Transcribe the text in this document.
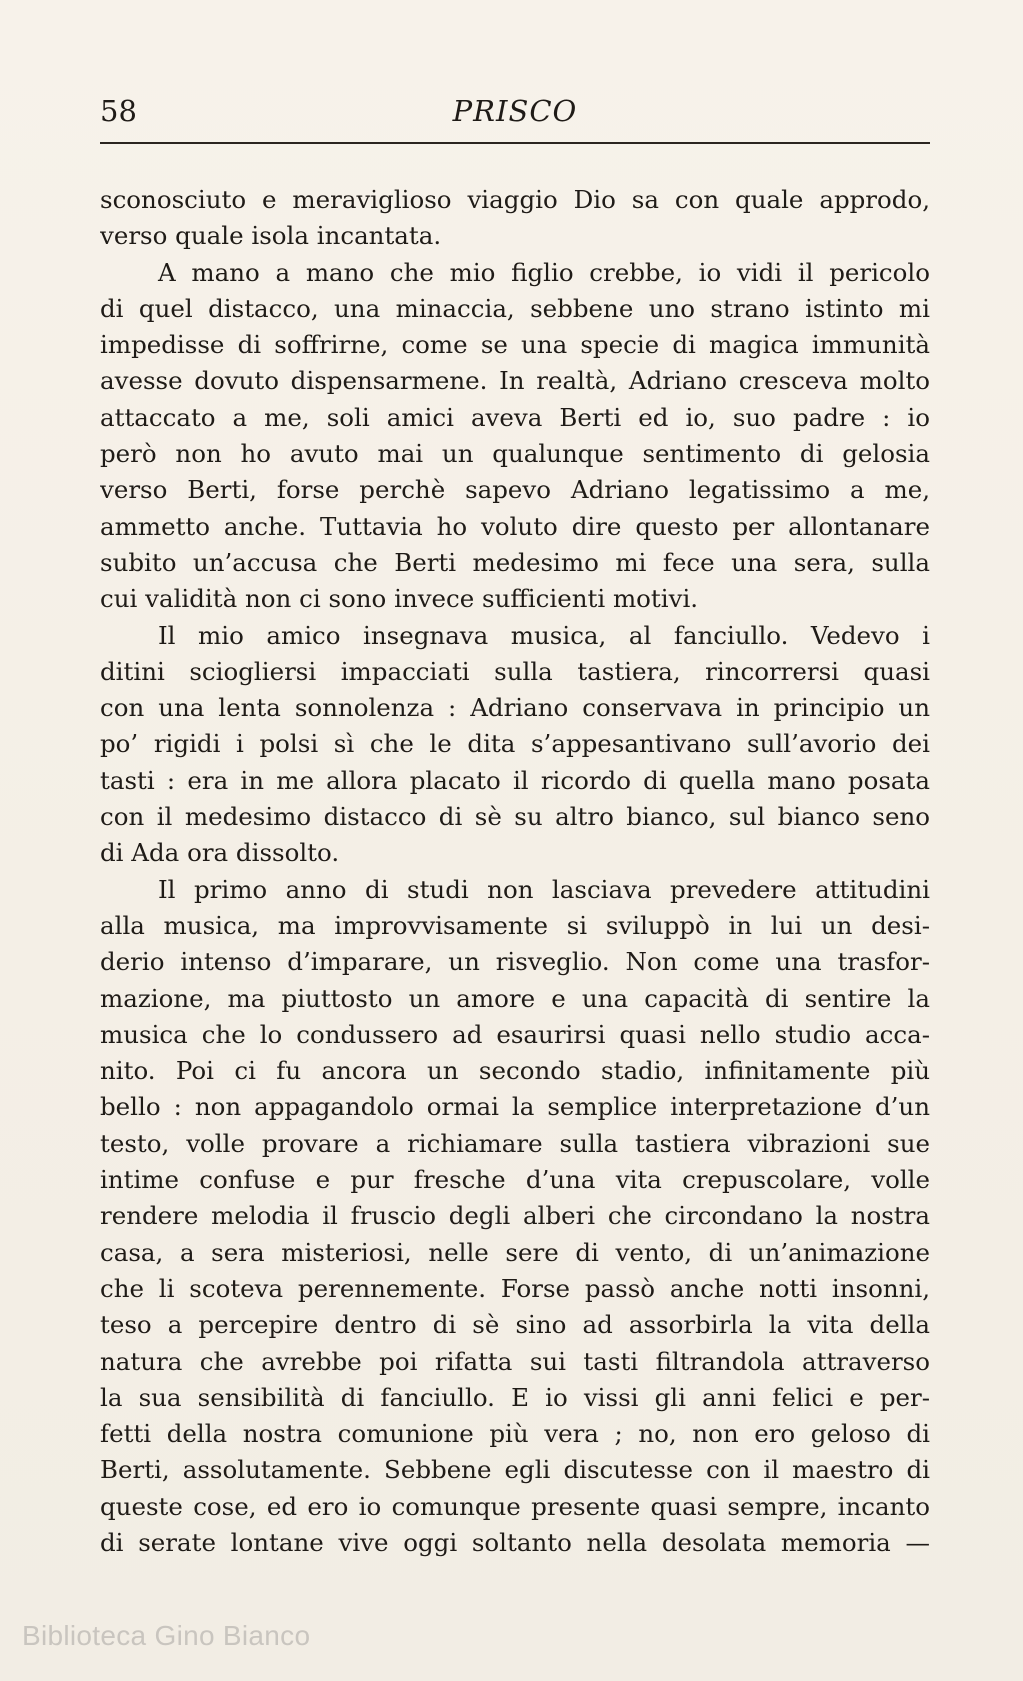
58	PRISCO
sconosciuto e meraviglioso viaggio Dio sa con quale approdo,
verso quale isola incantata.
A mano a mano che mio figlio crebbe, io vidi il pericolo
di quel distacco, una minaccia, sebbene uno strano istinto mi
impedisse di soffrirne, come se una specie di magica immunità
avesse dovuto dispensarmene. In realtà, Adriano cresceva molto
attaccato a me, soli amici aveva Berti ed io, suo padre : io
però non ho avuto mai un qualunque sentimento di gelosia
verso Berti, forse perchè sapevo Adriano legatissimo a me,
ammetto anche. Tuttavia ho voluto dire questo per allontanare
subito un’accusa che Berti medesimo mi fece una sera, sulla
cui validità non ci sono invece sufficienti motivi.
Il mio amico insegnava musica, al fanciullo. Vedevo i
ditini sciogliersi impacciati sulla tastiera, rincorrersi quasi
con una lenta sonnolenza : Adriano conservava in principio un
po’ rigidi i polsi sì che le dita s’appesantivano sull’avorio dei
tasti : era in me allora placato il ricordo di quella mano posata
con il medesimo distacco di sè su altro bianco, sul bianco seno
di Ada ora dissolto.
Il primo anno di studi non lasciava prevedere attitudini
alla musica, ma improvvisamente si sviluppò in lui un desi-
derio intenso d’imparare, un risveglio. Non come una trasfor-
mazione, ma piuttosto un amore e una capacità di sentire la
musica che lo condussero ad esaurirsi quasi nello studio acca-
nito. Poi ci fu ancora un secondo stadio, infinitamente più
bello : non appagandolo ormai la semplice interpretazione d’un
testo, volle provare a richiamare sulla tastiera vibrazioni sue
intime confuse e pur fresche d’una vita crepuscolare, volle
rendere melodia il fruscio degli alberi che circondano la nostra
casa, a sera misteriosi, nelle sere di vento, di un’animazione
che li scoteva perennemente. Forse passò anche notti insonni,
teso a percepire dentro di sè sino ad assorbirla la vita della
natura che avrebbe poi rifatta sui tasti filtrandola attraverso
la sua sensibilità di fanciullo. E io vissi gli anni felici e per-
fetti della nostra comunione più vera ; no, non ero geloso di
Berti, assolutamente. Sebbene egli discutesse con il maestro di
queste cose, ed ero io comunque presente quasi sempre, incanto
di serate lontane vive oggi soltanto nella desolata memoria —
Biblioteca Gino Bianco
